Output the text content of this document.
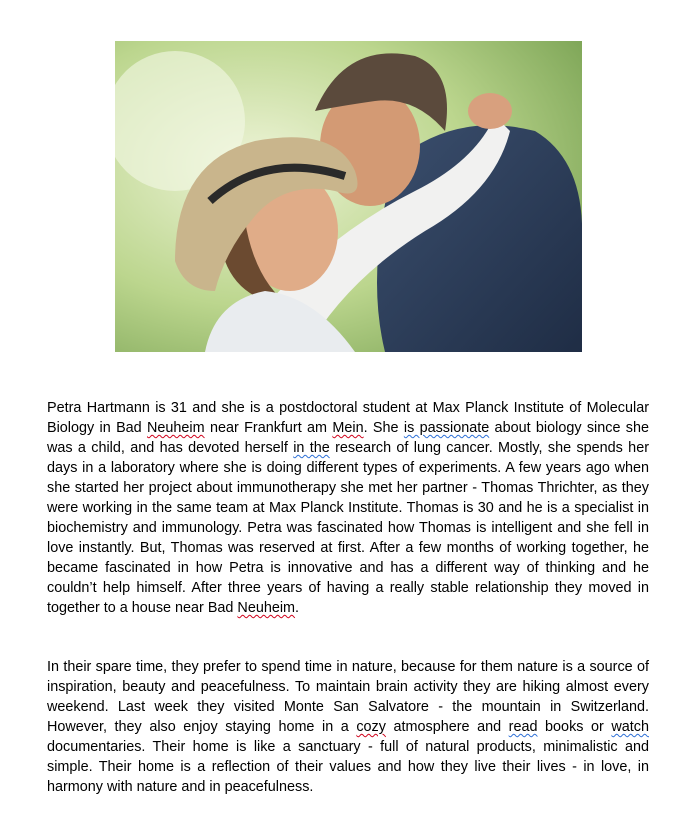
Petra Hartmann is 31 and she is a postdoctoral student at Max Planck Institute of Molecular Biology in Bad Neuheim near Frankfurt am Mein. She is passionate about biology since she was a child, and has devoted herself in the research of lung cancer. Mostly, she spends her days in a laboratory where she is doing different types of experiments. A few years ago when she started her project about immunotherapy she met her partner - Thomas Thrichter, as they were working in the same team at Max Planck Institute. Thomas is 30 and he is a specialist in biochemistry and immunology. Petra was fascinated how Thomas is intelligent and she fell in love instantly. But, Thomas was reserved at first. After a few months of working together, he became fascinated in how Petra is innovative and has a different way of thinking and he couldn’t help himself. After three years of having a really stable relationship they moved in together to a house near Bad Neuheim.

In their spare time, they prefer to spend time in nature, because for them nature is a source of inspiration, beauty and peacefulness. To maintain brain activity they are hiking almost every weekend. Last week they visited Monte San Salvatore - the mountain in Switzerland. However, they also enjoy staying home in a cozy atmosphere and read books or watch documentaries. Their home is like a sanctuary - full of natural products, minimalistic and simple. Their home is a reflection of their values and how they live their lives - in love, in harmony with nature and in peacefulness.
